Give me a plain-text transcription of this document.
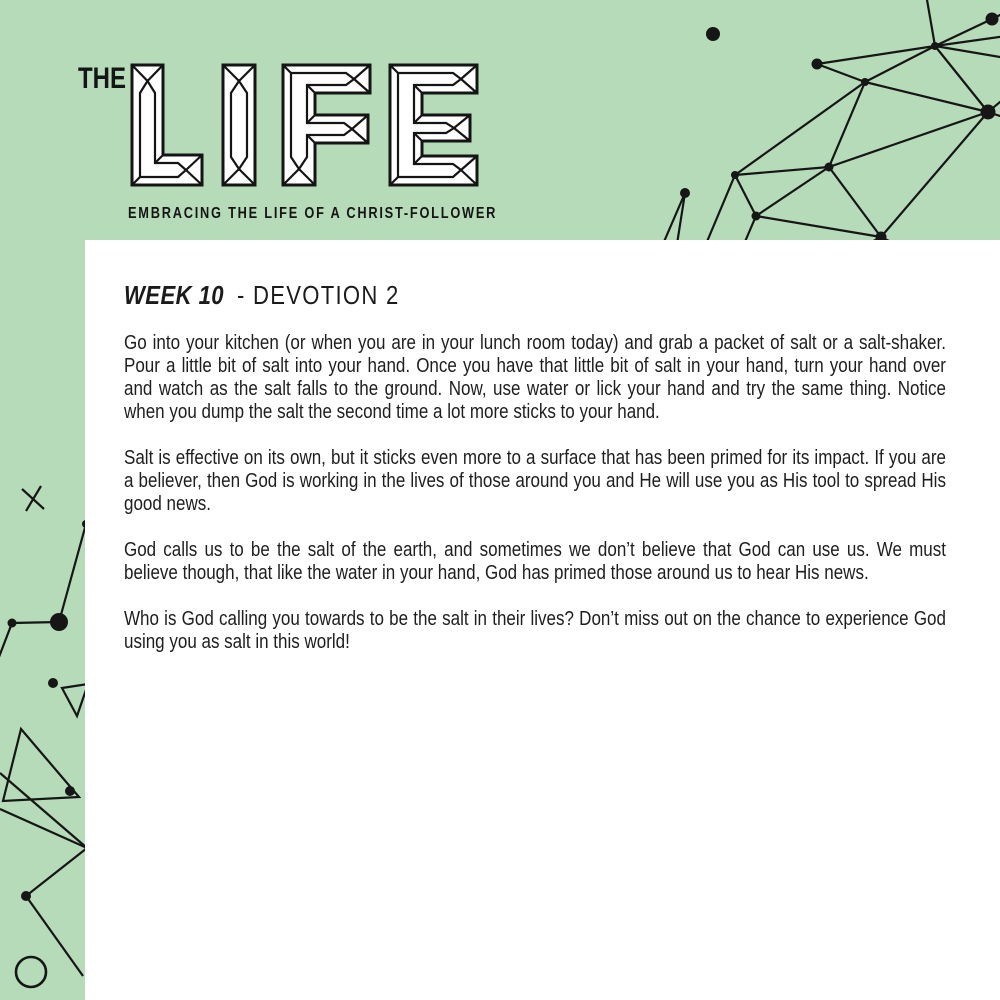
THE
EMBRACING THE LIFE OF A CHRIST-FOLLOWER
WEEK 10 - DEVOTION 2

Go into your kitchen (or when you are in your lunch room today) and grab a packet of salt or a salt-shaker. Pour a little bit of salt into your hand. Once you have that little bit of salt in your hand, turn your hand over and watch as the salt falls to the ground. Now, use water or lick your hand and try the same thing. Notice when you dump the salt the second time a lot more sticks to your hand.

Salt is effective on its own, but it sticks even more to a surface that has been primed for its impact. If you are a believer, then God is working in the lives of those around you and He will use you as His tool to spread His good news.

God calls us to be the salt of the earth, and sometimes we don’t believe that God can use us. We must believe though, that like the water in your hand, God has primed those around us to hear His news.

Who is God calling you towards to be the salt in their lives? Don’t miss out on the chance to experience God using you as salt in this world!
